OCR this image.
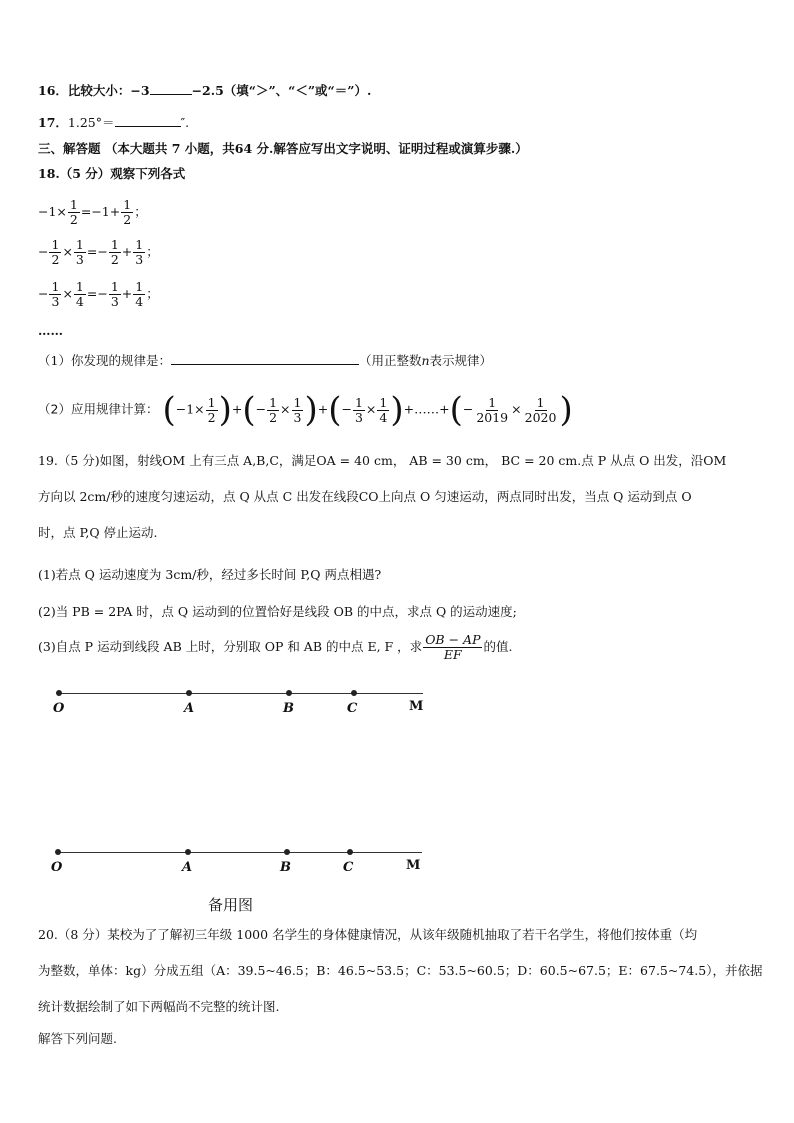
16．比较大小：−3	−2.5（填“＞”、“＜”或“＝”）.
17．1.25°＝	″.
三、解答题 （本大题共 7 小题，共64 分.解答应写出文字说明、证明过程或演算步骤.）
18.（5 分）观察下列各式
$-1\times \frac{1}{2} =-1+ \frac{1}{2}$ ；
− $\frac{1}{2} \times \frac{1}{3} =- \frac{1}{2} + \frac{1}{3}$ ；
− $\frac{1}{3} \times \frac{1}{4} =- \frac{1}{3} + \frac{1}{4}$ ；
……
（1）你发现的规律是：	（用正整数n表示规律）
（2）应用规律计算： ($-1\times \frac{1}{2}$ )+(− $\frac{1}{2} \times \frac{1}{3}$ )+(− $\frac{1}{3} \times \frac{1}{4}$ )+……+(− $\frac{1}{2019} \times \frac{1}{2020}$ )
19.（5 分)如图，射线OM 上有三点 A,B,C，满足OA = 40 cm， AB = 30 cm， BC = 20 cm.点 P 从点 O 出发，沿OM
方向以 2cm/秒的速度匀速运动，点 Q 从点 C 出发在线段CO上向点 O 匀速运动，两点同时出发，当点 Q 运动到点 O
时，点 P,Q 停止运动.
(1)若点 Q 运动速度为 3cm/秒，经过多长时间 P,Q 两点相遇?
(2)当 PB = 2PA 时，点 Q 运动到的位置恰好是线段 OB 的中点，求点 Q 的运动速度;
(3)自点 P 运动到线段 AB 上时，分别取 OP 和 AB 的中点 E, F ，求 $\frac{OB - AP}{EF}$ 的值.
O	A	B	C	M
O	A	B	C	M
备用图
20.（8 分）某校为了了解初三年级 1000 名学生的身体健康情况，从该年级随机抽取了若干名学生，将他们按体重（均
为整数，单体：kg）分成五组（A：39.5~46.5；B：46.5~53.5；C：53.5~60.5；D：60.5~67.5；E：67.5~74.5），并依据
统计数据绘制了如下两幅尚不完整的统计图.
解答下列问题.
